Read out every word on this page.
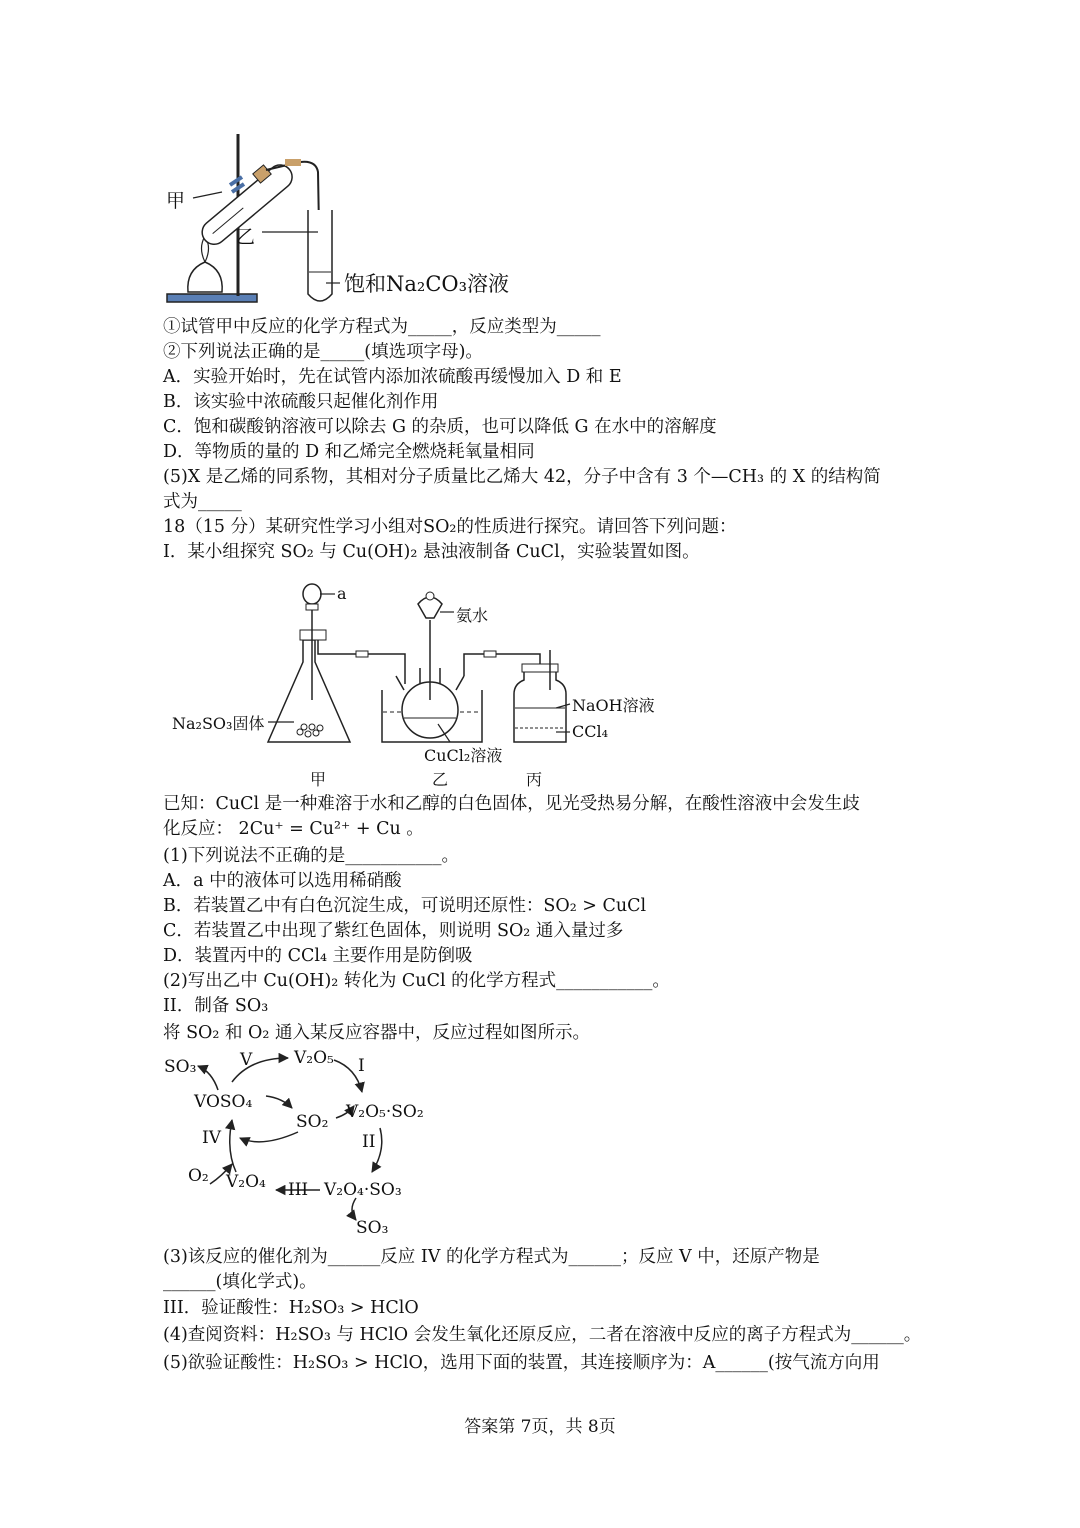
甲
乙
饱和Na₂CO₃溶液
①试管甲中反应的化学方程式为_____，反应类型为_____
②下列说法正确的是_____(填选项字母)。
A．实验开始时，先在试管内添加浓硫酸再缓慢加入 D 和 E
B．该实验中浓硫酸只起催化剂作用
C．饱和碳酸钠溶液可以除去 G 的杂质，也可以降低 G 在水中的溶解度
D．等物质的量的 D 和乙烯完全燃烧耗氧量相同
(5)X 是乙烯的同系物，其相对分子质量比乙烯大 42，分子中含有 3 个—CH₃ 的 X 的结构简
式为_____
18（15 分）某研究性学习小组对SO₂的性质进行探究。请回答下列问题：
I．某小组探究 SO₂ 与 Cu(OH)₂ 悬浊液制备 CuCl，实验装置如图。
a
氨水
NaOH溶液
CCl₄
Na₂SO₃固体
CuCl₂溶液
甲	乙	丙
已知：CuCl 是一种难溶于水和乙醇的白色固体，见光受热易分解，在酸性溶液中会发生歧
化反应： 2Cu⁺ = Cu²⁺ + Cu 。
(1)下列说法不正确的是___________。
A．a 中的液体可以选用稀硝酸
B．若装置乙中有白色沉淀生成，可说明还原性：SO₂ > CuCl
C．若装置乙中出现了紫红色固体，则说明 SO₂ 通入量过多
D．装置丙中的 CCl₄ 主要作用是防倒吸
(2)写出乙中 Cu(OH)₂ 转化为 CuCl 的化学方程式___________。
II．制备 SO₃
将 SO₂ 和 O₂ 通入某反应容器中，反应过程如图所示。
SO₃	V V₂O₅ I
VOSO₄
SO₂ V₂O₅·SO₂
IV	II
O₂ V₂O₄ III V₂O₄·SO₃
SO₃
(3)该反应的催化剂为______反应 IV 的化学方程式为______；反应 V 中，还原产物是
______(填化学式)。
III．验证酸性：H₂SO₃ > HClO
(4)查阅资料：H₂SO₃ 与 HClO 会发生氧化还原反应，二者在溶液中反应的离子方程式为______。
(5)欲验证酸性：H₂SO₃ > HClO，选用下面的装置，其连接顺序为：A______(按气流方向用
答案第 7页，共 8页
